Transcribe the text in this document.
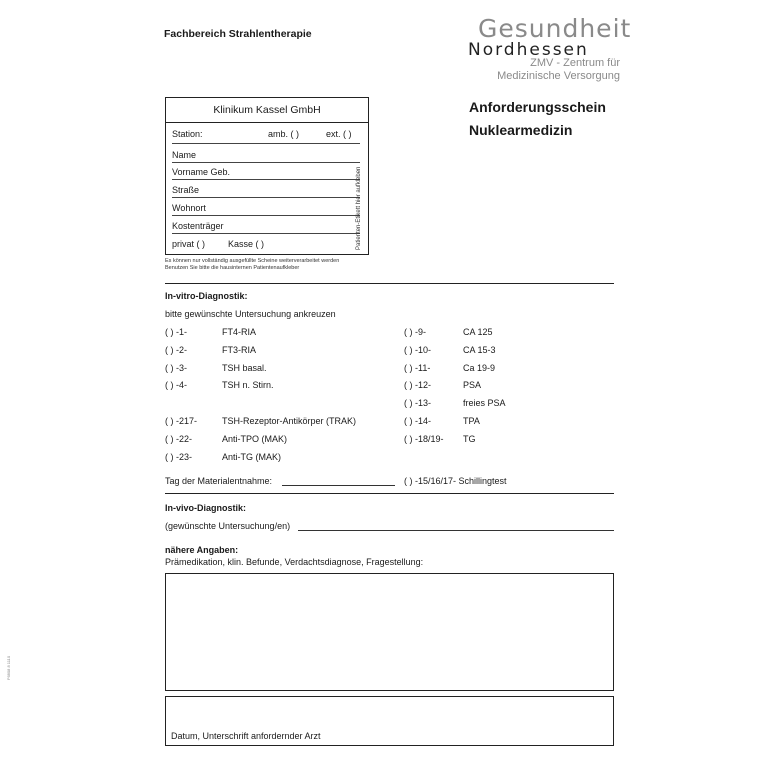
Fachbereich Strahlentherapie	Gesundheit
Nordhessen
ZMV - Zentrum für
Medizinische Versorgung
Anforderungsschein
Nuklearmedizin
Klinikum Kassel GmbH
Station:	amb. ( )	ext. ( )
Name
Vorname Geb.
Straße
Wohnort
Kostenträger
privat ( )	Kasse ( )	Patienten-Etikett hier aufkleben
Es können nur vollständig ausgefüllte Scheine weiterverarbeitet werden
Benutzen Sie bitte die hausinternen Patientenaufkleber
In-vitro-Diagnostik:
bitte gewünschte Untersuchung ankreuzen
( ) -1-	FT4-RIA
( ) -2-	FT3-RIA
( ) -3-	TSH basal.
( ) -4-	TSH n. Stirn.
( ) -217-	TSH-Rezeptor-Antikörper (TRAK)
( ) -22-	Anti-TPO (MAK)
( ) -23-	Anti-TG (MAK)
( ) -9-	CA 125
( ) -10-	CA 15-3
( ) -11-	Ca 19-9
( ) -12-	PSA
( ) -13-	freies PSA
( ) -14-	TPA
( ) -18/19- TG
Tag der Materialentnahme:	( ) -15/16/17- Schillingtest
In-vivo-Diagnostik:
(gewünschte Untersuchung/en)
nähere Angaben:
Prämedikation, klin. Befunde, Verdachtsdiagnose, Fragestellung:
Datum, Unterschrift anfordernder Arzt
F6808 8 1110
